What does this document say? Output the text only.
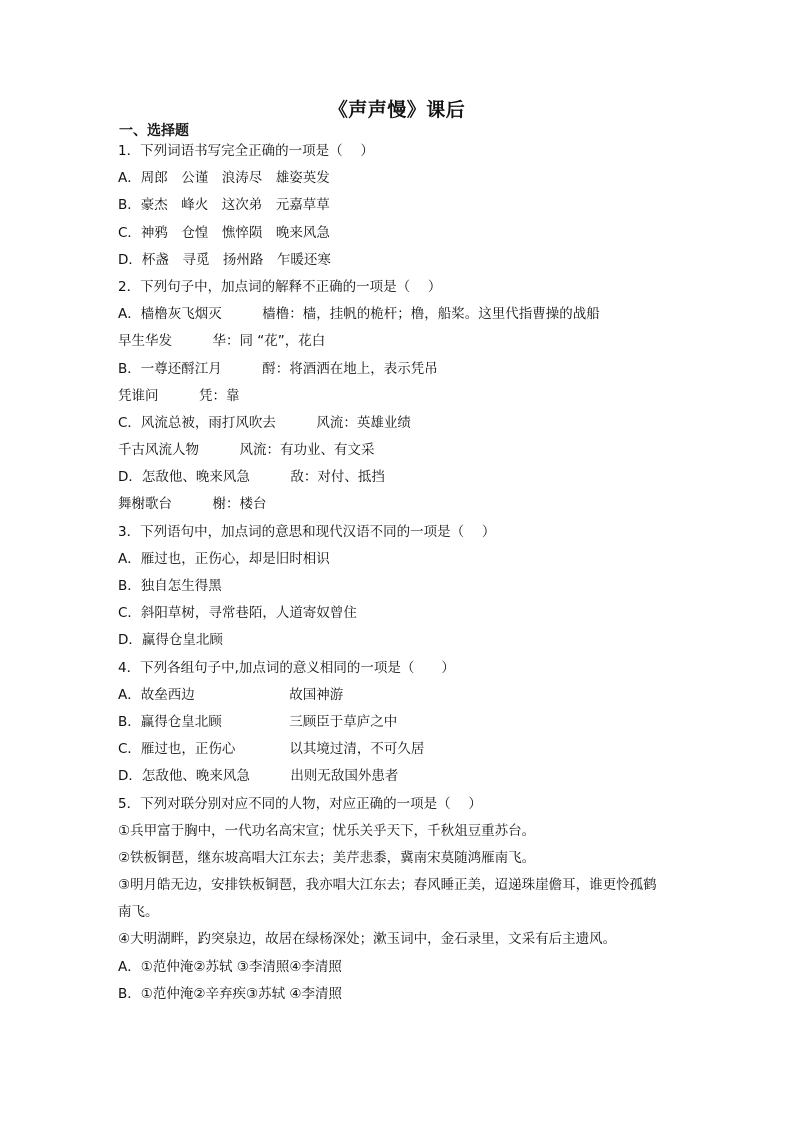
《声声慢》课后
一、选择题
1．下列词语书写完全正确的一项是（　 ）
A．周郎　公谨　浪涛尽　雄姿英发
B．豪杰　峰火　这次弟　元嘉草草
C．神鸦　仓惶　憔悴陨　晚来风急
D．杯盏　寻觅　扬州路　乍暖还寒
2．下列句子中，加点词的解释不正确的一项是（　 ）
A．樯橹灰飞烟灭　　　樯橹：樯，挂帆的桅杆；橹，船桨。这里代指曹操的战船
早生华发　　　华：同 “花”，花白
B．一尊还酹江月　　　酹：将酒洒在地上，表示凭吊
凭谁问　　　凭：靠
C．风流总被，雨打风吹去　　　风流：英雄业绩
千古风流人物　　　风流：有功业、有文采
D．怎敌他、晚来风急　　　敌：对付、抵挡
舞榭歌台　　　榭：楼台
3．下列语句中，加点词的意思和现代汉语不同的一项是（　 ）
A．雁过也，正伤心，却是旧时相识
B．独自怎生得黑
C．斜阳草树，寻常巷陌，人道寄奴曾住
D．赢得仓皇北顾
4．下列各组句子中,加点词的意义相同的一项是（　　）
A．故垒西边　　　　　　　故国神游
B．赢得仓皇北顾　　　　　三顾臣于草庐之中
C．雁过也，正伤心　　　　以其境过清，不可久居
D．怎敌他、晚来风急　　　出则无敌国外患者
5．下列对联分别对应不同的人物，对应正确的一项是（　 ）
①兵甲富于胸中，一代功名高宋宣；忧乐关乎天下，千秋俎豆重苏台。
②铁板铜琶，继东坡高唱大江东去；美芹悲黍，冀南宋莫随鸿雁南飞。
③明月皓无边，安排铁板铜琶，我亦唱大江东去；春风睡正美，迢递珠崖儋耳，谁更怜孤鹤
南飞。
④大明湖畔，趵突泉边，故居在绿杨深处；漱玉词中，金石录里，文采有后主遗风。
A．①范仲淹②苏轼 ③李清照④李清照
B．①范仲淹②辛弃疾③苏轼 ④李清照
